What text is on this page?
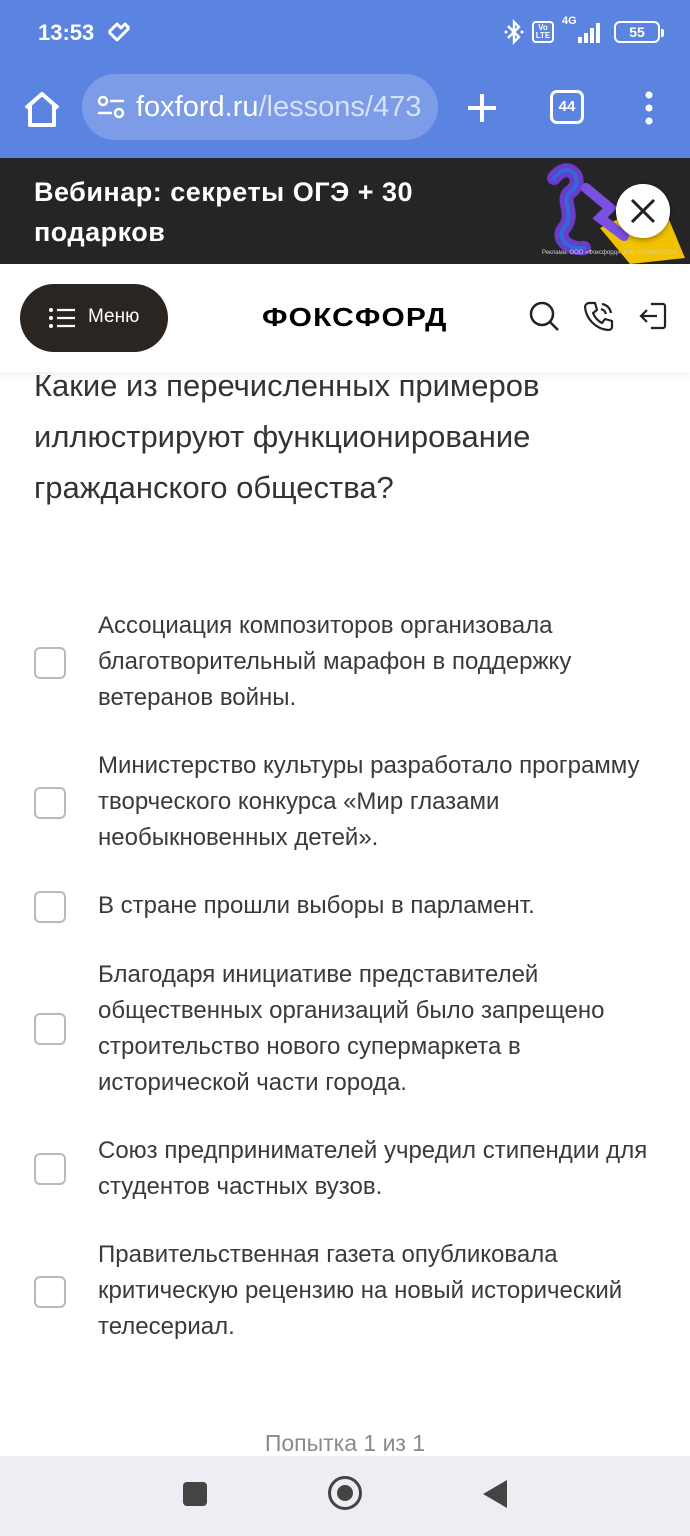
13:53	Vo LTE
4G
55
foxford.ru/lessons/473	44
Вебинар: секреты ОГЭ + 30 подарков
Реклама. ООО «Фоксфорд». Erid: 2Vtzqw7ATGm
Меню	ФОКСФОРД
Какие из перечисленных примеров иллюстрируют функционирование гражданского общества?
Ассоциация композиторов организовала благотворительный марафон в поддержку ветеранов войны.
Министерство культуры разработало программу творческого конкурса «Мир глазами необыкновенных детей».
В стране прошли выборы в парламент.
Благодаря инициативе представителей общественных организаций было запрещено строительство нового супермаркета в исторической части города.
Союз предпринимателей учредил стипендии для студентов частных вузов.
Правительственная газета опубликовала критическую рецензию на новый исторический телесериал.
Попытка 1 из 1
